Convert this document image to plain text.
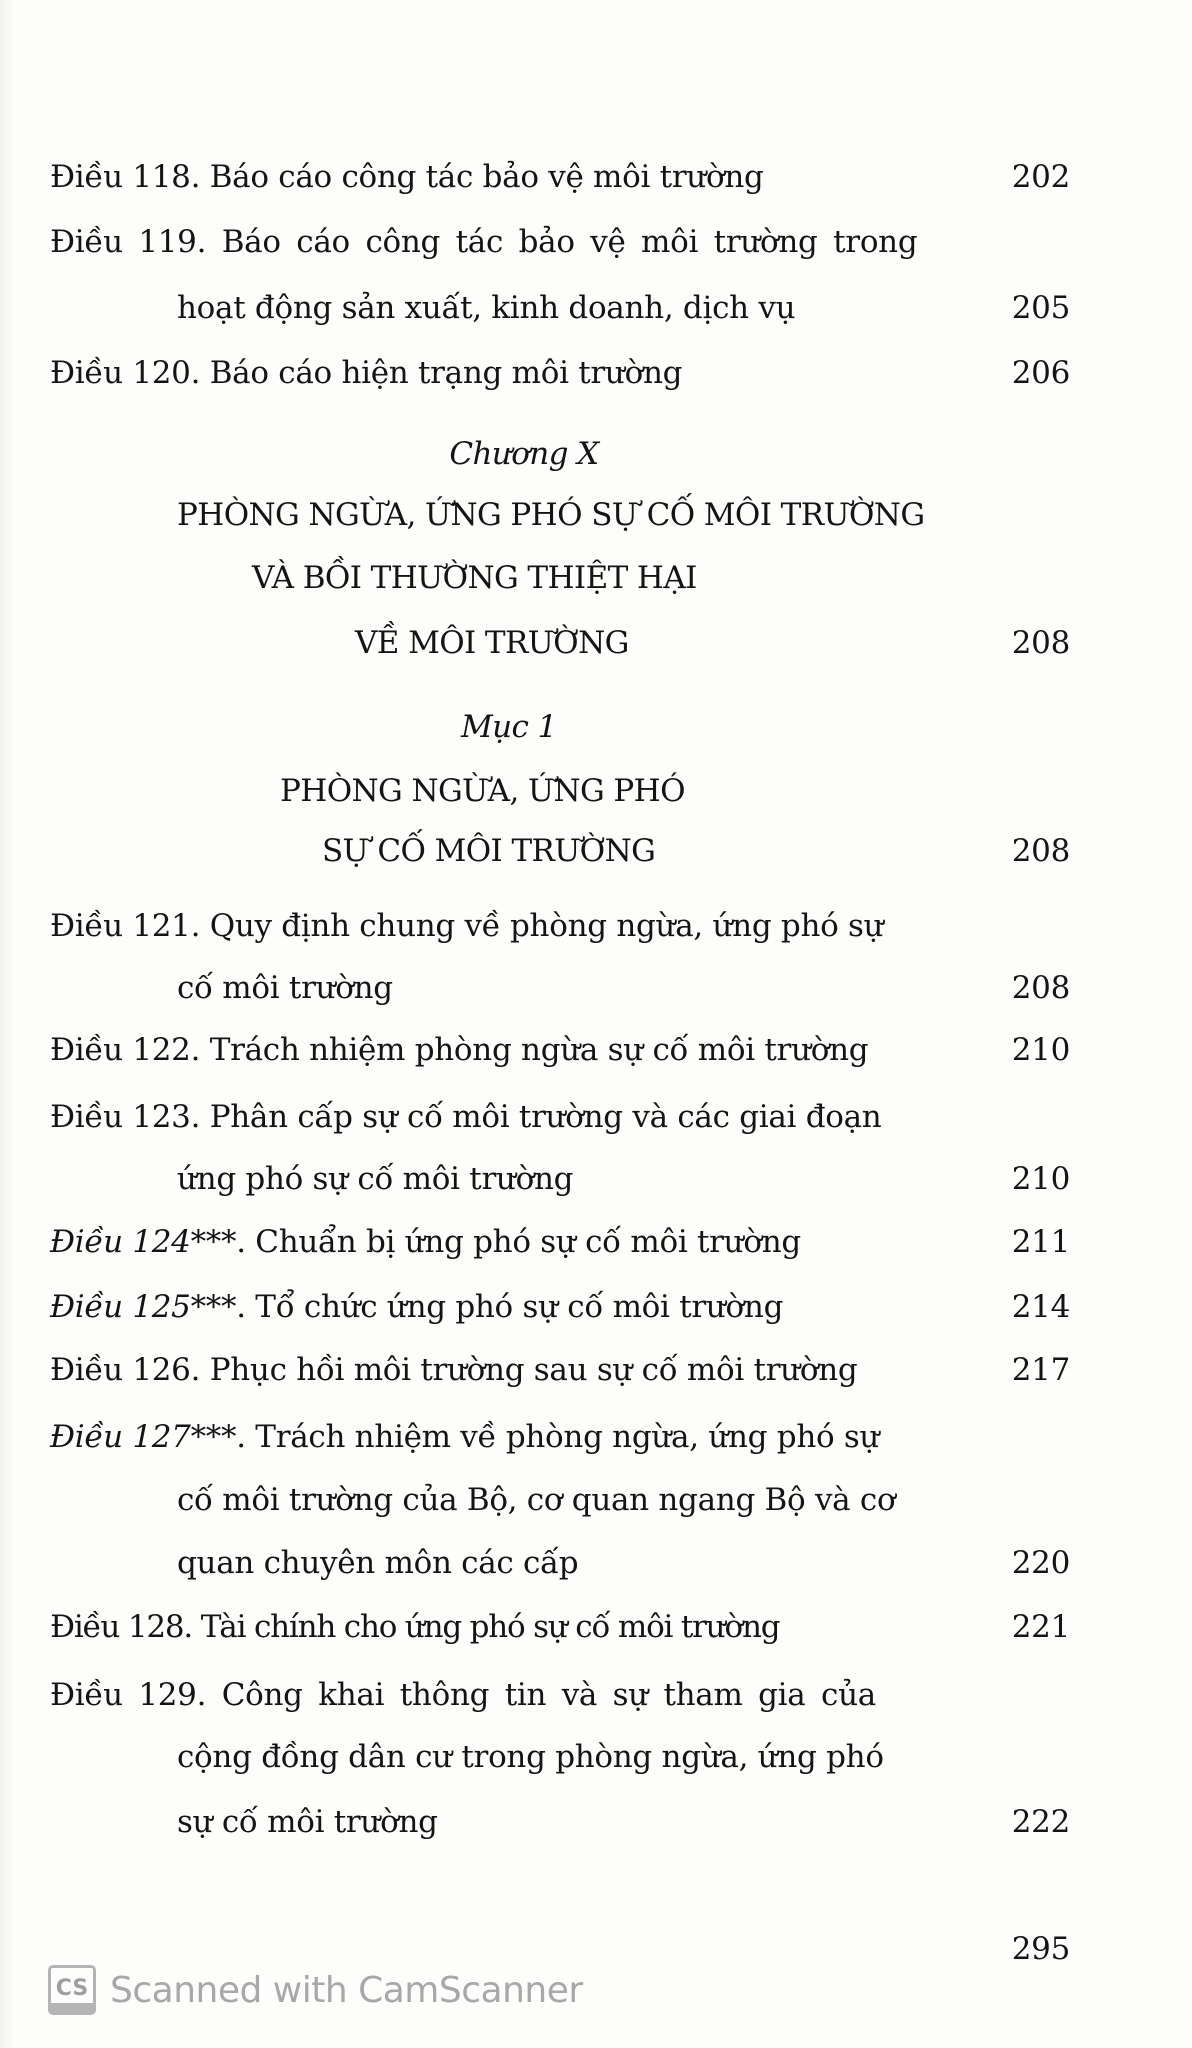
Điều 118. Báo cáo công tác bảo vệ môi trường	202
Điều 119. Báo cáo công tác bảo vệ môi trường trong
hoạt động sản xuất, kinh doanh, dịch vụ	205
Điều 120. Báo cáo hiện trạng môi trường	206
Chương X
PHÒNG NGỪA, ỨNG PHÓ SỰ CỐ MÔI TRƯỜNG
VÀ BỒI THƯỜNG THIỆT HẠI
VỀ MÔI TRƯỜNG	208
Mục 1
PHÒNG NGỪA, ỨNG PHÓ
SỰ CỐ MÔI TRƯỜNG	208
Điều 121. Quy định chung về phòng ngừa, ứng phó sự
cố môi trường	208
Điều 122. Trách nhiệm phòng ngừa sự cố môi trường	210
Điều 123. Phân cấp sự cố môi trường và các giai đoạn
ứng phó sự cố môi trường	210
Điều 124***. Chuẩn bị ứng phó sự cố môi trường	211
Điều 125***. Tổ chức ứng phó sự cố môi trường	214
Điều 126. Phục hồi môi trường sau sự cố môi trường	217
Điều 127***. Trách nhiệm về phòng ngừa, ứng phó sự
cố môi trường của Bộ, cơ quan ngang Bộ và cơ
quan chuyên môn các cấp	220
Điều 128. Tài chính cho ứng phó sự cố môi trường	221
Điều 129. Công khai thông tin và sự tham gia của
cộng đồng dân cư trong phòng ngừa, ứng phó
sự cố môi trường	222
295
CS Scanned with CamScanner
